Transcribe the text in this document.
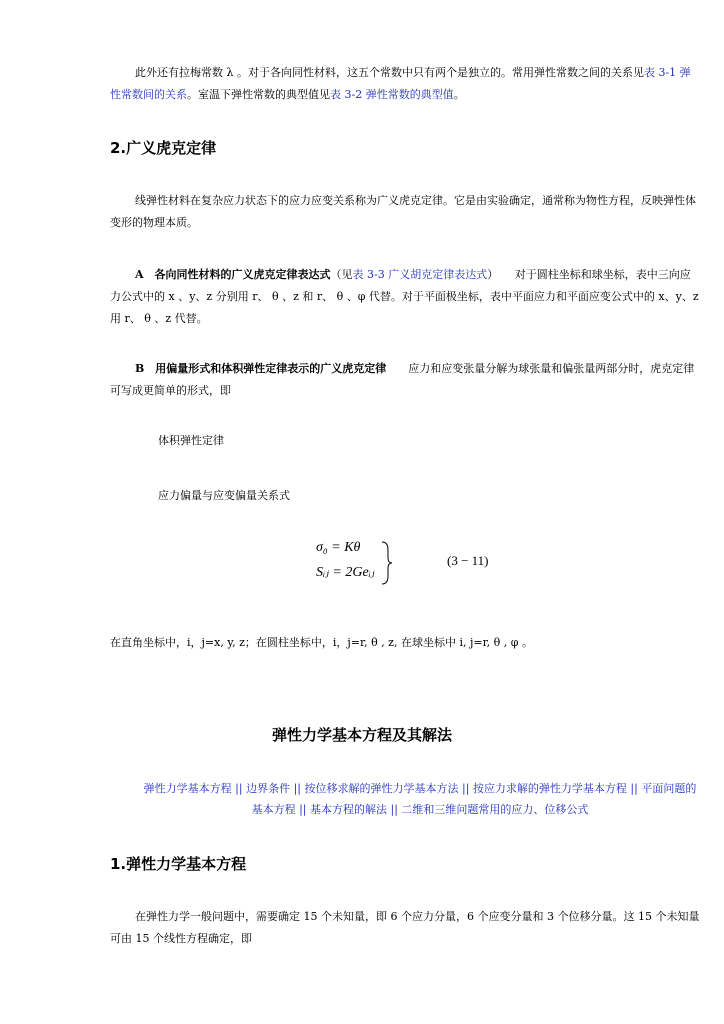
此外还有拉梅常数 λ 。对于各向同性材料，这五个常数中只有两个是独立的。常用弹性常数之间的关系见表 3-1 弹性常数间的关系。室温下弹性常数的典型值见表 3-2 弹性常数的典型值。
2.广义虎克定律
线弹性材料在复杂应力状态下的应力应变关系称为广义虎克定律。它是由实验确定，通常称为物性方程，反映弹性体变形的物理本质。
A　各向同性材料的广义虎克定律表达式（见表 3-3 广义胡克定律表达式）　　对于圆柱坐标和球坐标，表中三向应力公式中的 x 、y、z 分别用 r、 θ 、z 和 r、 θ 、φ 代替。对于平面极坐标，表中平面应力和平面应变公式中的 x、y、z 用 r、 θ 、z 代替。
B　用偏量形式和体积弹性定律表示的广义虎克定律　　应力和应变张量分解为球张量和偏张量两部分时，虎克定律可写成更简单的形式，即
体积弹性定律
应力偏量与应变偏量关系式
σ₀ = Kθ
Sᵢⱼ = 2Geᵢⱼ
(3 − 11)
在直角坐标中，i，j=x, y, z；在圆柱坐标中，i，j=r, θ , z, 在球坐标中 i, j=r, θ , φ 。
弹性力学基本方程及其解法
弹性力学基本方程 || 边界条件 || 按位移求解的弹性力学基本方法 || 按应力求解的弹性力学基本方程 || 平面问题的基本方程 || 基本方程的解法 || 二维和三维问题常用的应力、位移公式
1.弹性力学基本方程
在弹性力学一般问题中，需要确定 15 个未知量，即 6 个应力分量，6 个应变分量和 3 个位移分量。这 15 个未知量可由 15 个线性方程确定，即
